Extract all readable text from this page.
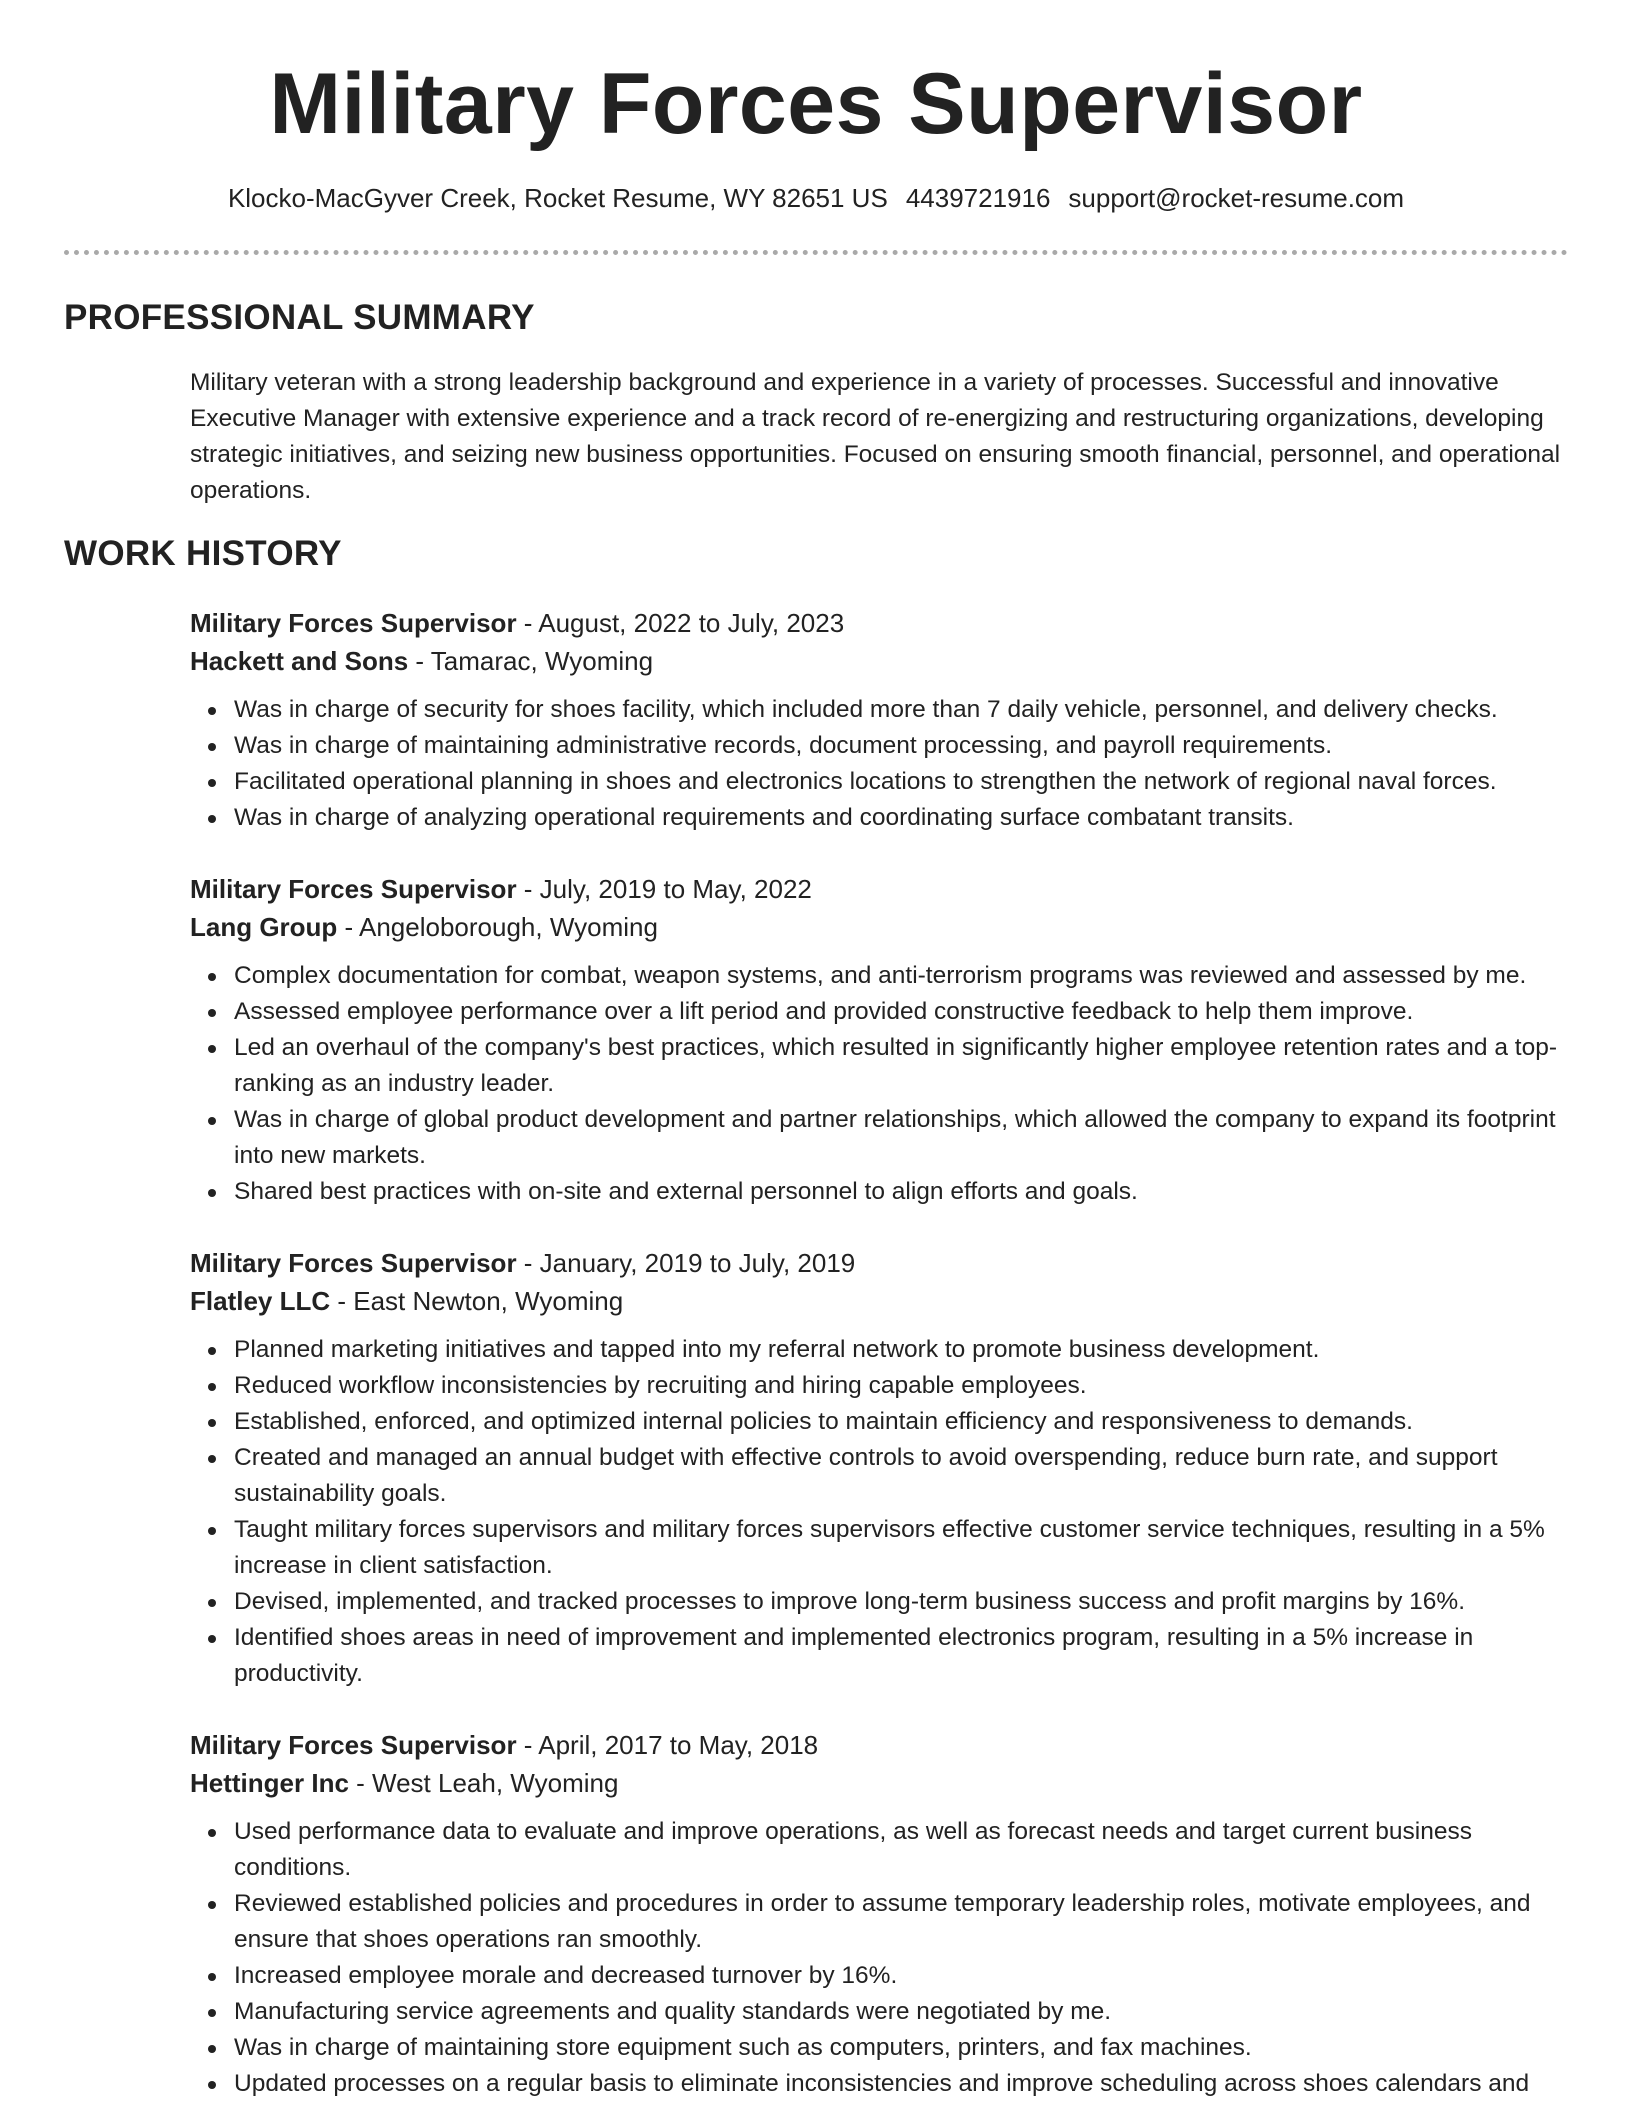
Military Forces Supervisor
Klocko-MacGyver Creek, Rocket Resume, WY 82651 US 4439721916 support@rocket-resume.com
PROFESSIONAL SUMMARY

Military veteran with a strong leadership background and experience in a variety of processes. Successful and innovative Executive Manager with extensive experience and a track record of re-energizing and restructuring organizations, developing strategic initiatives, and seizing new business opportunities. Focused on ensuring smooth financial, personnel, and operational operations.

WORK HISTORY

Military Forces Supervisor - August, 2022 to July, 2023

Hackett and Sons - Tamarac, Wyoming

Was in charge of security for shoes facility, which included more than 7 daily vehicle, personnel, and delivery checks.
Was in charge of maintaining administrative records, document processing, and payroll requirements.
Facilitated operational planning in shoes and electronics locations to strengthen the network of regional naval forces.
Was in charge of analyzing operational requirements and coordinating surface combatant transits.

Military Forces Supervisor - July, 2019 to May, 2022

Lang Group - Angeloborough, Wyoming

Complex documentation for combat, weapon systems, and anti-terrorism programs was reviewed and assessed by me.
Assessed employee performance over a lift period and provided constructive feedback to help them improve.
Led an overhaul of the company's best practices, which resulted in significantly higher employee retention rates and a top-ranking as an industry leader.
Was in charge of global product development and partner relationships, which allowed the company to expand its footprint into new markets.
Shared best practices with on-site and external personnel to align efforts and goals.

Military Forces Supervisor - January, 2019 to July, 2019

Flatley LLC - East Newton, Wyoming

Planned marketing initiatives and tapped into my referral network to promote business development.
Reduced workflow inconsistencies by recruiting and hiring capable employees.
Established, enforced, and optimized internal policies to maintain efficiency and responsiveness to demands.
Created and managed an annual budget with effective controls to avoid overspending, reduce burn rate, and support sustainability goals.
Taught military forces supervisors and military forces supervisors effective customer service techniques, resulting in a 5% increase in client satisfaction.
Devised, implemented, and tracked processes to improve long-term business success and profit margins by 16%.
Identified shoes areas in need of improvement and implemented electronics program, resulting in a 5% increase in productivity.

Military Forces Supervisor - April, 2017 to May, 2018

Hettinger Inc - West Leah, Wyoming

Used performance data to evaluate and improve operations, as well as forecast needs and target current business conditions.
Reviewed established policies and procedures in order to assume temporary leadership roles, motivate employees, and ensure that shoes operations ran smoothly.
Increased employee morale and decreased turnover by 16%.
Manufacturing service agreements and quality standards were negotiated by me.
Was in charge of maintaining store equipment such as computers, printers, and fax machines.
Updated processes on a regular basis to eliminate inconsistencies and improve scheduling across shoes calendars and
